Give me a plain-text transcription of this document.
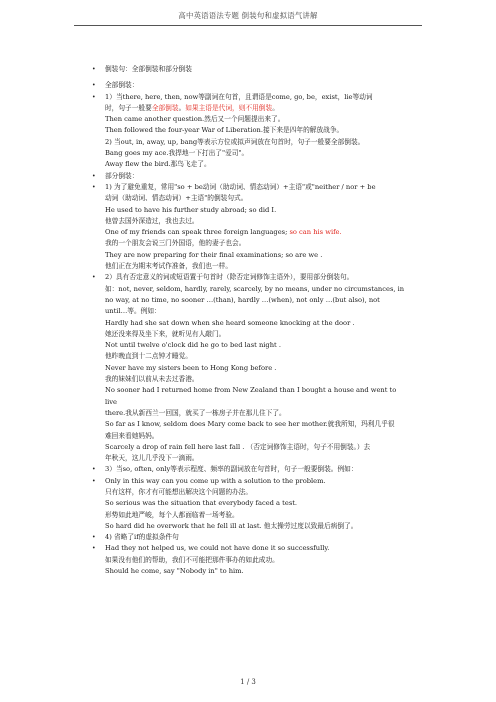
高中英语语法专题 倒装句和虚拟语气讲解
• 倒装句：全部倒装和部分倒装
• 全部倒装：
• 1）当there, here, then, now等副词在句首，且谓语是come, go, be，exist，lie等动词
时，句子一般要全部倒装。如果主语是代词，则不用倒装。
Then came another question.然后又一个问题提出来了。
Then followed the four-year War of Liberation.接下来是四年的解放战争。
2) 当out, in, away, up, bang等表示方位或拟声词放在句首时，句子一般要全部倒装。
Bang goes my ace.我捍地一下打出了"爱司"。
Away flew the bird.那鸟飞走了。
• 部分倒装：
• 1) 为了避免重复，常用"so + be动词（助动词、情态动词）+主语"或"neither / nor + be
动词（助动词、情态动词）+主语"的倒装句式。
He used to have his further study abroad; so did I.
他曾去国外深造过，我也去过。
One of my friends can speak three foreign languages; so can his wife.
我的一个朋友会说三门外国语，他的妻子也会。
They are now preparing for their final examinations; so are we .
他们正在为期末考试作准备，我们也一样。
• 2）具有否定意义的词或短语置于句首时（除否定词修饰主语外），要用部分倒装句。
如：not, never, seldom, hardly, rarely, scarcely, by no means, under no circumstances, in
no way, at no time, no sooner …(than), hardly …(when), not only …(but also), not
until…等。例如：
Hardly had she sat down when she heard someone knocking at the door .
她还没来得及坐下来，就听见有人敲门。
Not until twelve o'clock did he go to bed last night .
他昨晚直到十二点钟才睡觉。
Never have my sisters been to Hong Kong before .
我的妹妹们以前从未去过香港。
No sooner had I returned home from New Zealand than I bought a house and went to live
there.我从新西兰一回国，就买了一栋房子并在那儿住下了。
So far as I know, seldom does Mary come back to see her mother.就我所知，玛利几乎很
难回来看她妈妈。
Scarcely a drop of rain fell here last fall . （否定词修饰主语时，句子不用倒装。）去
年秋天，这儿几乎没下一滴雨。
• 3）当so, often, only等表示程度、频率的副词放在句首时，句子一般要倒装。例如：
• Only in this way can you come up with a solution to the problem.
只有这样，你才有可能想出解决这个问题的办法。
So serious was the situation that everybody faced a test.
形势如此地严峻，每个人都面临着一场考验。
So hard did he overwork that he fell ill at last. 他太操劳过度以致最后病倒了。
• 4) 省略了if的虚拟条件句
• Had they not helped us, we could not have done it so successfully.
如果没有他们的帮助，我们不可能把那件事办的如此成功。
Should he come, say "Nobody in" to him.
1 / 3
